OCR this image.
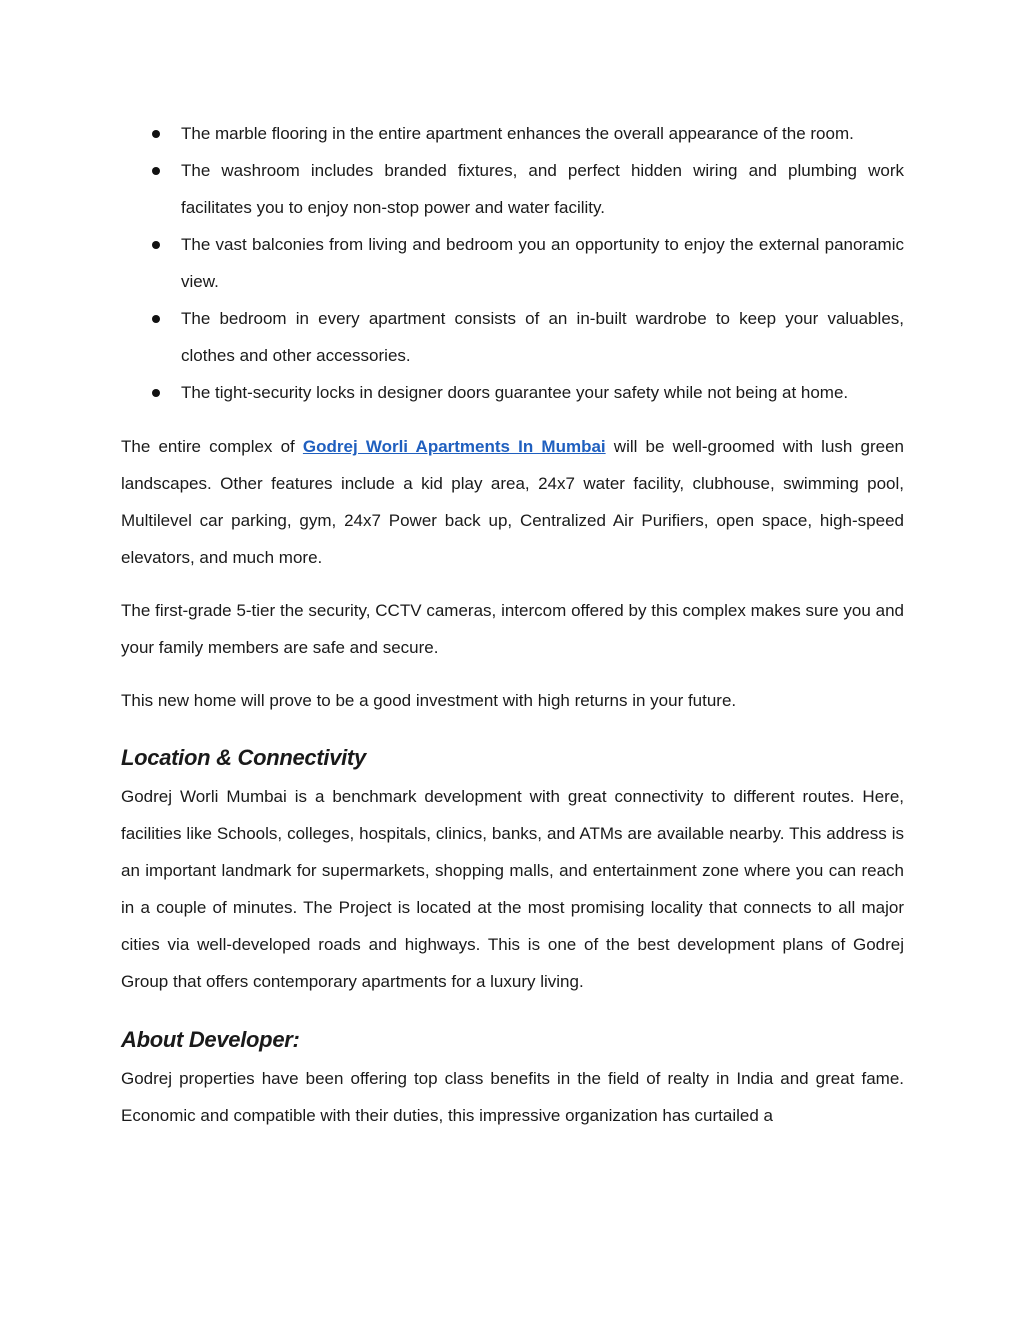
The marble flooring in the entire apartment enhances the overall appearance of the room.
The washroom includes branded fixtures, and perfect hidden wiring and plumbing work facilitates you to enjoy non-stop power and water facility.
The vast balconies from living and bedroom you an opportunity to enjoy the external panoramic view.
The bedroom in every apartment consists of an in-built wardrobe to keep your valuables, clothes and other accessories.
The tight-security locks in designer doors guarantee your safety while not being at home.

The entire complex of Godrej Worli Apartments In Mumbai will be well-groomed with lush green landscapes. Other features include a kid play area, 24x7 water facility, clubhouse, swimming pool, Multilevel car parking, gym, 24x7 Power back up, Centralized Air Purifiers, open space, high-speed elevators, and much more.

The first-grade 5-tier the security, CCTV cameras, intercom offered by this complex makes sure you and your family members are safe and secure.

This new home will prove to be a good investment with high returns in your future.

Location & Connectivity

Godrej Worli Mumbai is a benchmark development with great connectivity to different routes. Here, facilities like Schools, colleges, hospitals, clinics, banks, and ATMs are available nearby. This address is an important landmark for supermarkets, shopping malls, and entertainment zone where you can reach in a couple of minutes. The Project is located at the most promising locality that connects to all major cities via well-developed roads and highways. This is one of the best development plans of Godrej Group that offers contemporary apartments for a luxury living.

About Developer:

Godrej properties have been offering top class benefits in the field of realty in India and great fame. Economic and compatible with their duties, this impressive organization has curtailed a
